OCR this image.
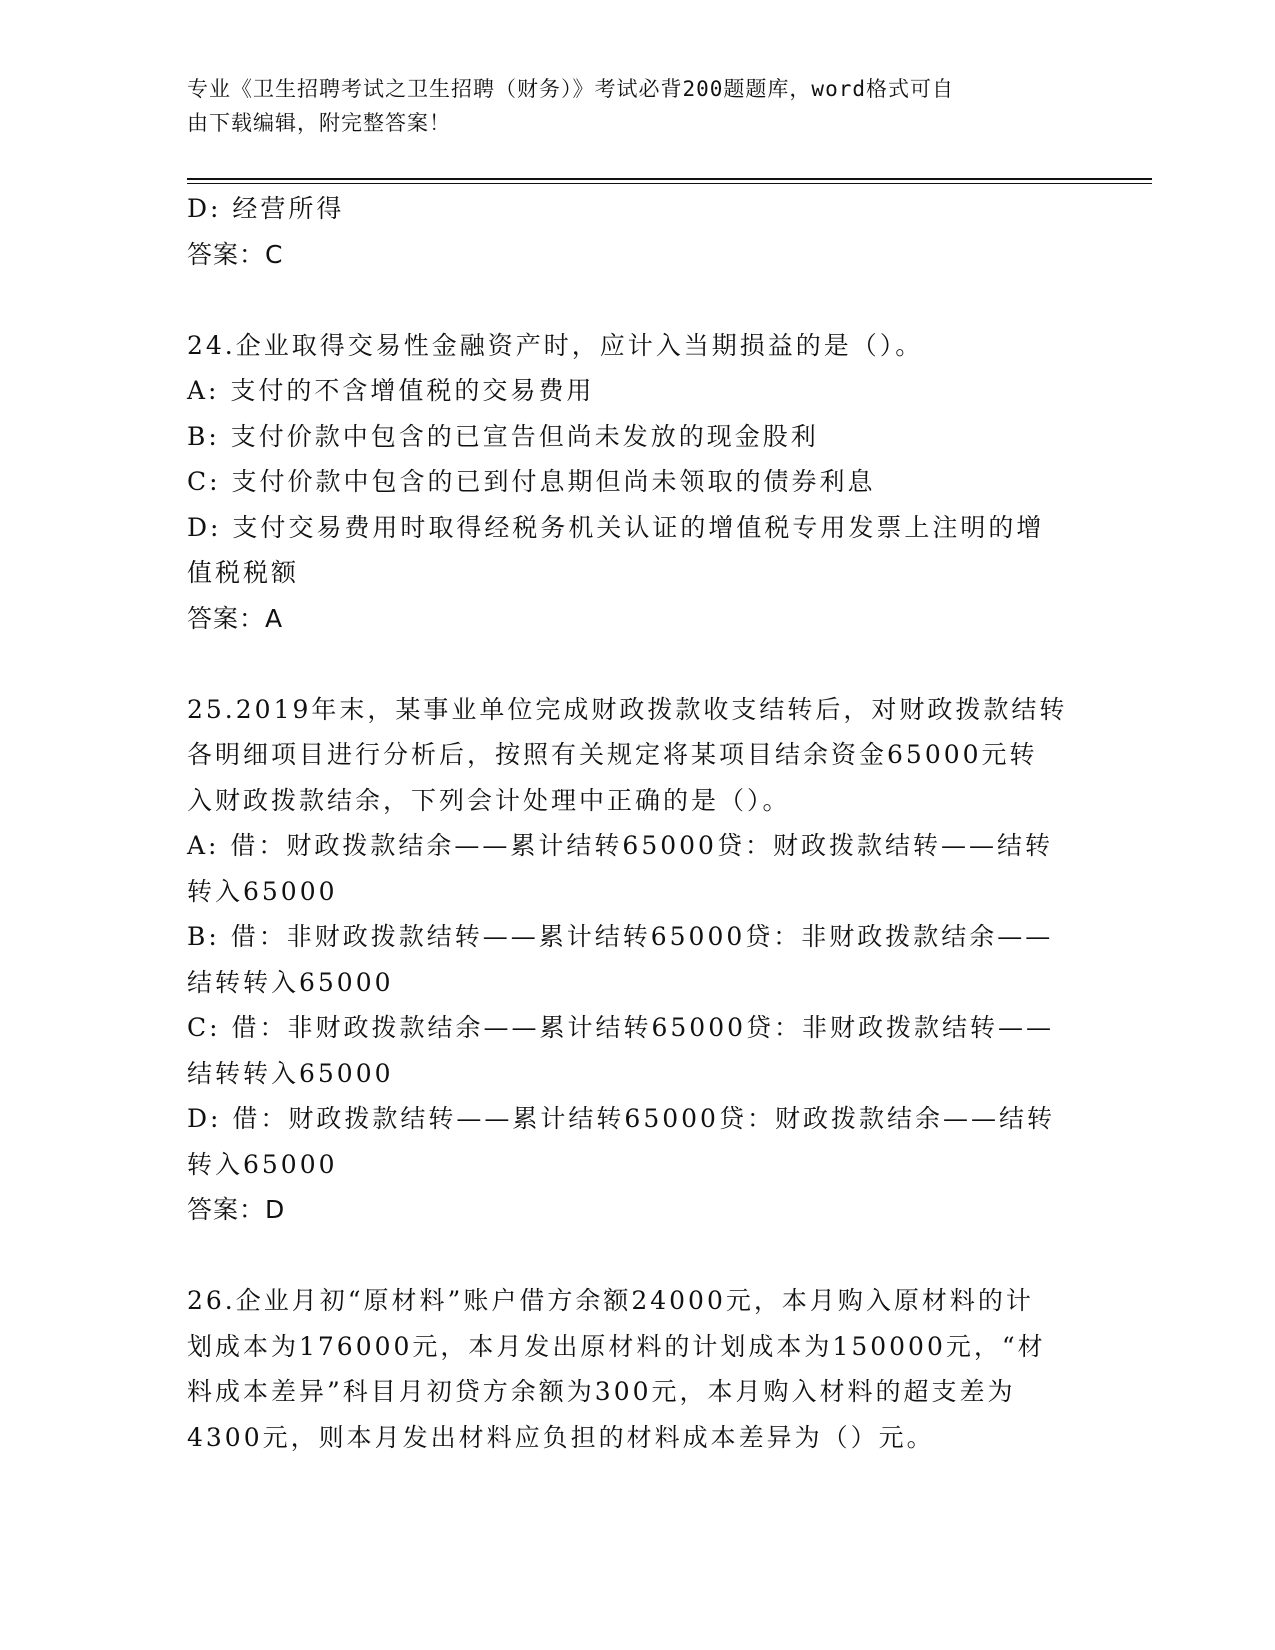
专业《卫生招聘考试之卫生招聘（财务）》考试必背200题题库，word格式可自
由下载编辑，附完整答案！
D: 经营所得
答案：C
24.企业取得交易性金融资产时，应计入当期损益的是（）。
A: 支付的不含增值税的交易费用
B: 支付价款中包含的已宣告但尚未发放的现金股利
C: 支付价款中包含的已到付息期但尚未领取的债券利息
D: 支付交易费用时取得经税务机关认证的增值税专用发票上注明的增
值税税额
答案：A
25.2019年末，某事业单位完成财政拨款收支结转后，对财政拨款结转
各明细项目进行分析后，按照有关规定将某项目结余资金65000元转
入财政拨款结余，下列会计处理中正确的是（）。
A: 借：财政拨款结余——累计结转65000贷：财政拨款结转——结转
转入65000
B: 借：非财政拨款结转——累计结转65000贷：非财政拨款结余——
结转转入65000
C: 借：非财政拨款结余——累计结转65000贷：非财政拨款结转——
结转转入65000
D: 借：财政拨款结转——累计结转65000贷：财政拨款结余——结转
转入65000
答案：D
26.企业月初“原材料”账户借方余额24000元，本月购入原材料的计
划成本为176000元，本月发出原材料的计划成本为150000元，“材
料成本差异”科目月初贷方余额为300元，本月购入材料的超支差为
4300元，则本月发出材料应负担的材料成本差异为（）元。
